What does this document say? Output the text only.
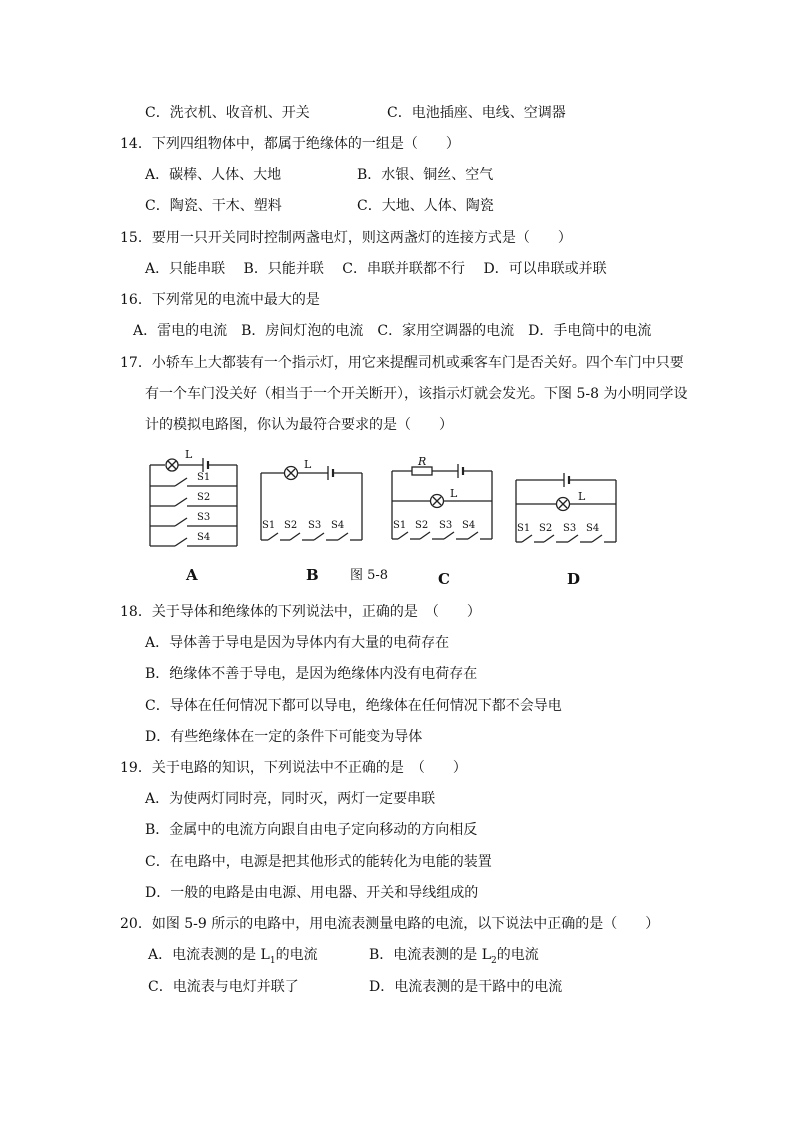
C．洗衣机、收音机、开关	C．电池插座、电线、空调器
14．下列四组物体中，都属于绝缘体的一组是（　　）
A．碳棒、人体、大地	B．水银、铜丝、空气
C．陶瓷、干木、塑料	C．大地、人体、陶瓷
15．要用一只开关同时控制两盏电灯，则这两盏灯的连接方式是（　　）
A．只能串联　 B．只能并联　 C．串联并联都不行　 D．可以串联或并联
16．下列常见的电流中最大的是
A．雷电的电流　B．房间灯泡的电流　C．家用空调器的电流　D．手电筒中的电流
17．小轿车上大都装有一个指示灯，用它来提醒司机或乘客车门是否关好。四个车门中只要
有一个车门没关好（相当于一个开关断开），该指示灯就会发光。下图 5-8 为小明同学设
计的模拟电路图，你认为最符合要求的是（　　）
L
S1
S2
S3
S4
A
L
S1 S2 S3 S4
B
R
L
S1 S2 S3 S4
C
L
S1 S2 S3 S4
D
图 5-8
18．关于导体和绝缘体的下列说法中，正确的是　（　　）
A．导体善于导电是因为导体内有大量的电荷存在
B．绝缘体不善于导电，是因为绝缘体内没有电荷存在
C．导体在任何情况下都可以导电，绝缘体在任何情况下都不会导电
D．有些绝缘体在一定的条件下可能变为导体
19．关于电路的知识，下列说法中不正确的是　（　　）
A．为使两灯同时亮，同时灭，两灯一定要串联
B．金属中的电流方向跟自由电子定向移动的方向相反
C．在电路中，电源是把其他形式的能转化为电能的装置
D．一般的电路是由电源、用电器、开关和导线组成的
20．如图 5-9 所示的电路中，用电流表测量电路的电流，以下说法中正确的是（　　）
A．电流表测的是 $L_1$的电流	B．电流表测的是 $L_2$的电流
C．电流表与电灯并联了	D．电流表测的是干路中的电流
